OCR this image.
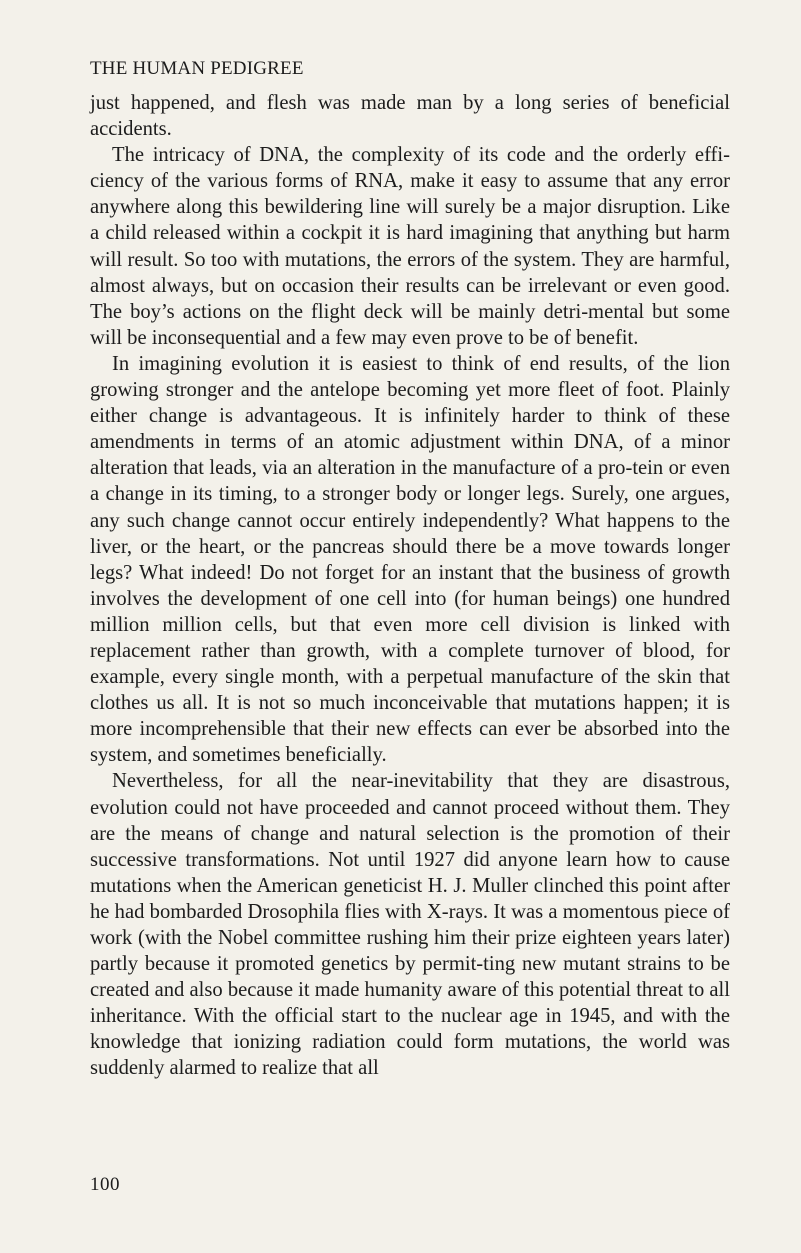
THE HUMAN PEDIGREE

just happened, and flesh was made man by a long series of beneficial accidents.

The intricacy of DNA, the complexity of its code and the orderly effi-ciency of the various forms of RNA, make it easy to assume that any error anywhere along this bewildering line will surely be a major disruption. Like a child released within a cockpit it is hard imagining that anything but harm will result. So too with mutations, the errors of the system. They are harmful, almost always, but on occasion their results can be irrelevant or even good. The boy’s actions on the flight deck will be mainly detri-mental but some will be inconsequential and a few may even prove to be of benefit.

In imagining evolution it is easiest to think of end results, of the lion growing stronger and the antelope becoming yet more fleet of foot. Plainly either change is advantageous. It is infinitely harder to think of these amendments in terms of an atomic adjustment within DNA, of a minor alteration that leads, via an alteration in the manufacture of a pro-tein or even a change in its timing, to a stronger body or longer legs. Surely, one argues, any such change cannot occur entirely independently? What happens to the liver, or the heart, or the pancreas should there be a move towards longer legs? What indeed! Do not forget for an instant that the business of growth involves the development of one cell into (for human beings) one hundred million million cells, but that even more cell division is linked with replacement rather than growth, with a complete turnover of blood, for example, every single month, with a perpetual manufacture of the skin that clothes us all. It is not so much inconceivable that mutations happen; it is more incomprehensible that their new effects can ever be absorbed into the system, and sometimes beneficially.

Nevertheless, for all the near-inevitability that they are disastrous, evolution could not have proceeded and cannot proceed without them. They are the means of change and natural selection is the promotion of their successive transformations. Not until 1927 did anyone learn how to cause mutations when the American geneticist H. J. Muller clinched this point after he had bombarded Drosophila flies with X-rays. It was a momentous piece of work (with the Nobel committee rushing him their prize eighteen years later) partly because it promoted genetics by permit-ting new mutant strains to be created and also because it made humanity aware of this potential threat to all inheritance. With the official start to the nuclear age in 1945, and with the knowledge that ionizing radiation could form mutations, the world was suddenly alarmed to realize that all

100
